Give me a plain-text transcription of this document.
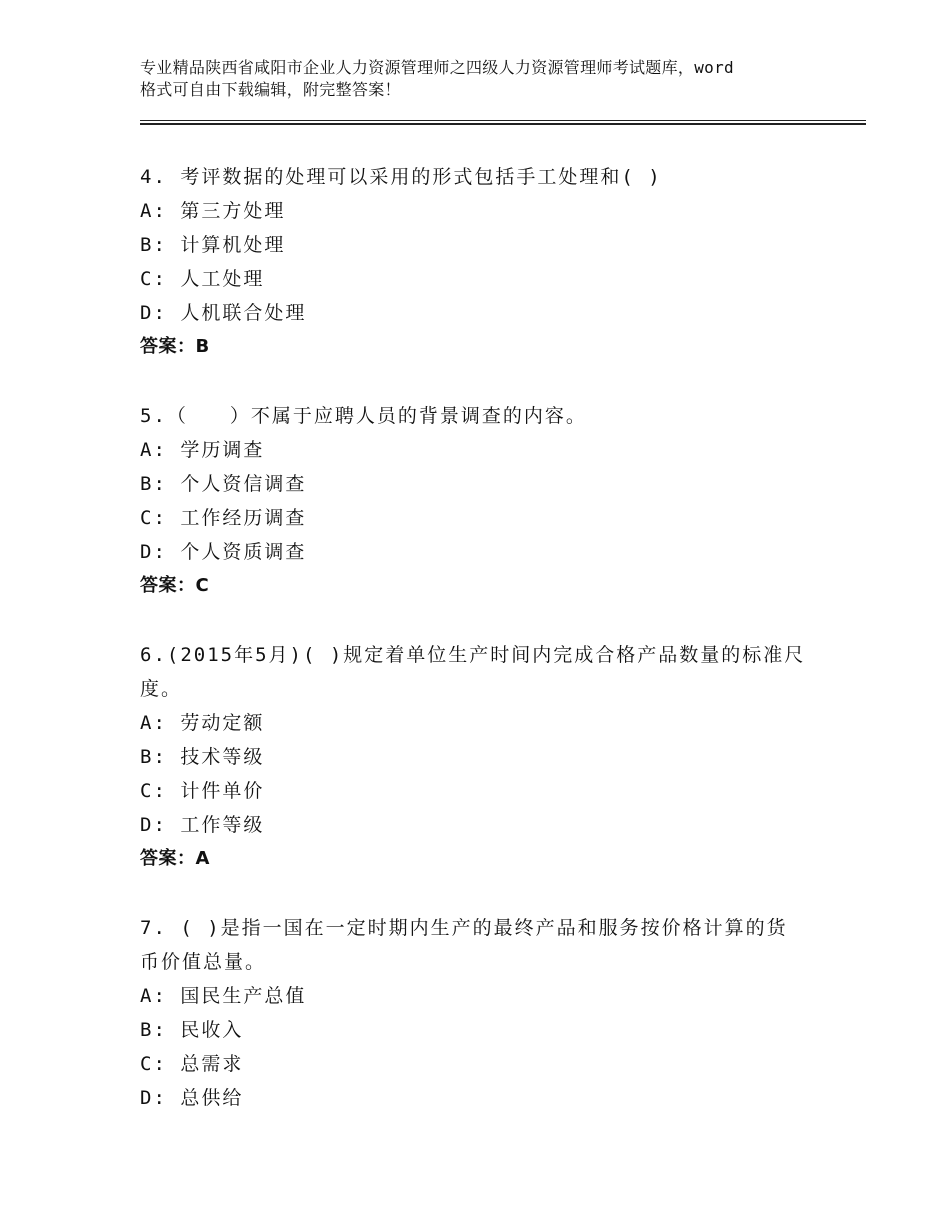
专业精品陕西省咸阳市企业人力资源管理师之四级人力资源管理师考试题库，word
格式可自由下载编辑，附完整答案！
4. 考评数据的处理可以采用的形式包括手工处理和( )
A: 第三方处理
B: 计算机处理
C: 人工处理
D: 人机联合处理
答案：B
5.（　　）不属于应聘人员的背景调查的内容。
A: 学历调查
B: 个人资信调查
C: 工作经历调查
D: 个人资质调查
答案：C
6.(2015年5月)( )规定着单位生产时间内完成合格产品数量的标准尺
度。
A: 劳动定额
B: 技术等级
C: 计件单价
D: 工作等级
答案：A
7. ( )是指一国在一定时期内生产的最终产品和服务按价格计算的货
币价值总量。
A: 国民生产总值
B: 民收入
C: 总需求
D: 总供给
